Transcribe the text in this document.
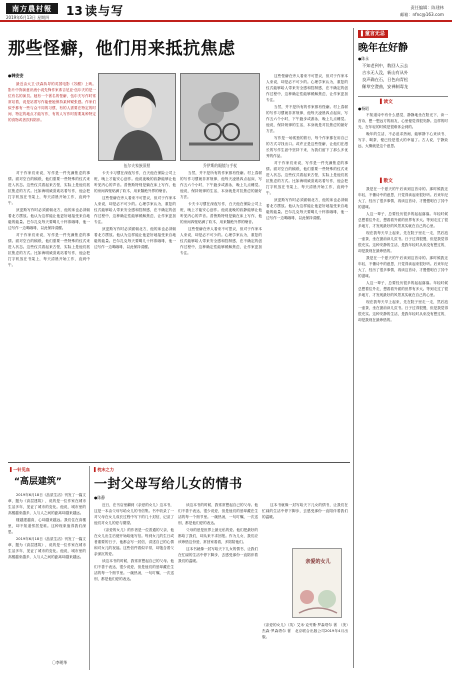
南方農村報
2019年6月13日 星期四 13 读与写	责任编辑：陈建林
邮箱：nfnc@163.com
那些怪癖，他们用来抵抗焦虑
●韩安安

最近由大卫·沃森执导的英国电影《苏醒》上映。影片中饰演意识流小说先锋作家弗吉尼亚·伍尔夫的是一位有名的演员。她有一个著名的怪癖，伍尔夫写作时常常站着，说是站着写作能使她保持某种紧张感。作家们似乎都有一些与众不同的习惯，有的人需要在特定的时间、特定的地点才能写作，有的人写作时需要某种特定的食物或者饮料陪伴。

伍尔夫家族旧照	乔伊斯的眼镜与手杖

对于作家们来说，写作是一件充满焦虑的事情。面对空白的稿纸，他们需要一些特殊的仪式来进入状态。这些仪式看起来古怪，实际上是他们抵抗焦虑的方式。比如海明威喜欢站着写作，他会把打字机放在书架上，每天清晨开始工作，直到中午。

狄更斯写作时必须面朝北方，他的床也必须朝着北方摆放。他认为这样能让他更好地接受来自地磁的能量。巴尔扎克每天要喝几十杯浓咖啡，他一边写作一边喝咖啡，以此保持清醒。

对于作家们来说，写作是一件充满焦虑的事情。面对空白的稿纸，他们需要一些特殊的仪式来进入状态。这些仪式看起来古怪，实际上是他们抵抗焦虑的方式。比如海明威喜欢站着写作，他会把打字机放在书架上，每天清晨开始工作，直到中午。

卡夫卡习惯在深夜写作，白天他在保险公司上班，晚上才能安心创作。他说夜晚的寂静能够让他听见内心的声音。普鲁斯特则是躺在床上写作，他的房间四壁贴满了软木，用来隔绝外界的噪音。

这些怪癖在旁人看来不可思议，但对于作家本人来说，却是必不可少的。心理学家认为，重复的仪式能够给人带来安全感和控制感，在不确定的创作过程中，这种确定性能够缓解焦虑，让作家更加专注。

狄更斯写作时必须面朝北方，他的床也必须朝着北方摆放。他认为这样能让他更好地接受来自地磁的能量。巴尔扎克每天要喝几十杯浓咖啡，他一边写作一边喝咖啡，以此保持清醒。

当然，并不是所有的作家都有怪癖。村上春树的写作习惯就非常规律，他每天凌晨四点起床，写作五六个小时，下午跑步或游泳，晚上九点睡觉。他说，保持规律的生活，本身就是对抗焦虑的最好方法。

卡夫卡习惯在深夜写作，白天他在保险公司上班，晚上才能安心创作。他说夜晚的寂静能够让他听见内心的声音。普鲁斯特则是躺在床上写作，他的房间四壁贴满了软木，用来隔绝外界的噪音。

这些怪癖在旁人看来不可思议，但对于作家本人来说，却是必不可少的。心理学家认为，重复的仪式能够给人带来安全感和控制感，在不确定的创作过程中，这种确定性能够缓解焦虑，让作家更加专注。

这些怪癖在旁人看来不可思议，但对于作家本人来说，却是必不可少的。心理学家认为，重复的仪式能够给人带来安全感和控制感，在不确定的创作过程中，这种确定性能够缓解焦虑，让作家更加专注。

当然，并不是所有的作家都有怪癖。村上春树的写作习惯就非常规律，他每天凌晨四点起床，写作五六个小时，下午跑步或游泳，晚上九点睡觉。他说，保持规律的生活，本身就是对抗焦虑的最好方法。

写作是一场孤独的旅行，每个作家都在用自己的方式寻找出口。或许正是这些怪癖，让他们在漫长的写作生涯中坚持下来，为我们留下了那么多优秀的作品。

对于作家们来说，写作是一件充满焦虑的事情。面对空白的稿纸，他们需要一些特殊的仪式来进入状态。这些仪式看起来古怪，实际上是他们抵抗焦虑的方式。比如海明威喜欢站着写作，他会把打字机放在书架上，每天清晨开始工作，直到中午。

狄更斯写作时必须面朝北方，他的床也必须朝着北方摆放。他认为这样能让他更好地接受来自地磁的能量。巴尔扎克每天要喝几十杯浓咖啡，他一边写作一边喝咖啡，以此保持清醒。

▌童言无忌
晚年在好静
●陈永
不知老到中，数回人云去
吉水无人没，新山有从外
良声确在石，日色向青松
稀草空澄曲，安禅制毒龙
▌读文
●杨昭

不知道诗中有什么感觉，静静地坐在阳光下，读一首诗，想一想远方的朋友，心里便觉得很安静。这样的时光，在年轻的时候是很难体会到的。

晚年的生活，不必追求热闹，能够静下心来读书、写字、喝茶，便已经是很大的幸福了。古人说，宁静致远，大概就是这个意思。

▌散文

我是在一个夏天的午后读到这首诗的。那时候我还年轻，不懂诗中的意思，只觉得读起来很好听。后来年纪大了，经历了很多事情，再读这首诗，才慢慢明白了其中的滋味。

人这一辈子，总要经历很多的起起落落。年轻时候总想着往外走，想看看外面的世界有多大。等到走过了很多地方，才发现最好的风景其实就在自己的心里。

现在我每天早上起来，先在院子里走一走，然后泡一壶茶，坐在窗前读几页书。日子过得很慢，但是我觉得很充实。这种安静的生活，是我年轻时从来没有想过的，却是我现在最珍惜的。

我是在一个夏天的午后读到这首诗的。那时候我还年轻，不懂诗中的意思，只觉得读起来很好听。后来年纪大了，经历了很多事情，再读这首诗，才慢慢明白了其中的滋味。

人这一辈子，总要经历很多的起起落落。年轻时候总想着往外走，想看看外面的世界有多大。等到走过了很多地方，才发现最好的风景其实就在自己的心里。

现在我每天早上起来，先在院子里走一走，然后泡一壶茶，坐在窗前读几页书。日子过得很慢，但是我觉得很充实。这种安静的生活，是我年轻时从来没有想过的，却是我现在最珍惜的。

▌一针见血
“高层建筑”

2019年6月18日《品质生活》刊发了一篇文章，题为《高层建筑》，说的是一位作家在城市生活多年，见证了城市的变化。他说，城市里的高楼越来越多，人与人之间的距离却越来越远。

楼越建越高，心却越来越远。我们住在高楼里，却不知道邻居是谁。这种现象值得我们深思。

2019年6月18日《品质生活》刊发了一篇文章，题为《高层建筑》，说的是一位作家在城市生活多年，见证了城市的变化。他说，城市里的高楼越来越多，人与人之间的距离却越来越远。

〇李明华
▌枕末之力
一封父母写给儿女的情书
●陈静

近日，在书店里翻到《亲爱的女儿》这本书，这是一本由父母写给女儿的书信集。书中收录了一对父母在女儿成长过程中写下的几十封信，记录了他们对女儿的爱与期望。

《亲爱的女儿》的作者是一位普通的父亲，他在女儿出生后便开始给她写信。每到女儿的生日或者重要的日子，他都会写一封信，讲述自己的心情和对女儿的祝福。这些信件看似平常，却饱含着父亲深沉的爱。

读这本书的时候，我常常想起自己的父母。他们不善于表达，很少说爱，但是他们的爱却藏在生活的每一个细节里。一碗热汤，一句叮嘱，一次送别，都是他们爱的表达。

读这本书的时候，我常常想起自己的父母。他们不善于表达，很少说爱，但是他们的爱却藏在生活的每一个细节里。一碗热汤，一句叮嘱，一次送别，都是他们爱的表达。

父母的爱是世界上最无私的爱。他们把最好的都给了我们，却从来不求回报。作为儿女，我们应该珍惜这份爱，常回家看看，多陪陪他们。

这本书就像一封写给天下儿女的情书，让我们在忙碌的生活中停下脚步，去感受那份一直陪伴着我们的温暖。

这本书就像一封写给天下儿女的情书，让我们在忙碌的生活中停下脚步，去感受那份一直陪伴着我们的温暖。

亲爱的女儿

《亲爱的女儿》（英）艾米·克劳斯·罗森塔尔 著　（美）杰森·罗森塔尔 著　北京联合出版公司2019年4月出版。
